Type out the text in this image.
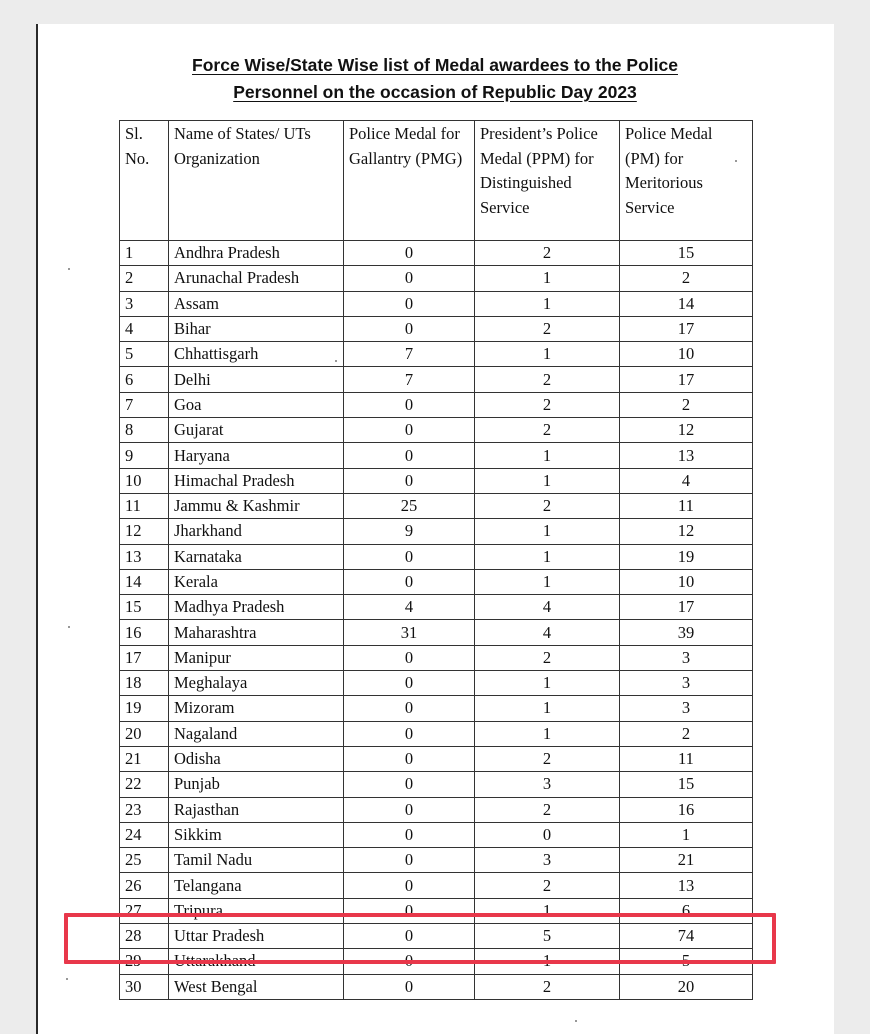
Force Wise/State Wise list of Medal awardees to the Police
Personnel on the occasion of Republic Day 2023
Sl. No.	Name of States/ UTs Organization	Police Medal for Gallantry (PMG)	President’s Police Medal (PPM) for Distinguished Service	Police Medal (PM) for Meritorious Service
1	Andhra Pradesh	0	2	15
2	Arunachal Pradesh	0	1	2
3	Assam	0	1	14
4	Bihar	0	2	17
5	Chhattisgarh	7	1	10
6	Delhi	7	2	17
7	Goa	0	2	2
8	Gujarat	0	2	12
9	Haryana	0	1	13
10	Himachal Pradesh	0	1	4
11	Jammu & Kashmir	25	2	11
12	Jharkhand	9	1	12
13	Karnataka	0	1	19
14	Kerala	0	1	10
15	Madhya Pradesh	4	4	17
16	Maharashtra	31	4	39
17	Manipur	0	2	3
18	Meghalaya	0	1	3
19	Mizoram	0	1	3
20	Nagaland	0	1	2
21	Odisha	0	2	11
22	Punjab	0	3	15
23	Rajasthan	0	2	16
24	Sikkim	0	0	1
25	Tamil Nadu	0	3	21
26	Telangana	0	2	13
27	Tripura	0	1	6
28	Uttar Pradesh	0	5	74
29	Uttarakhand	0	1	5
30	West Bengal	0	2	20
